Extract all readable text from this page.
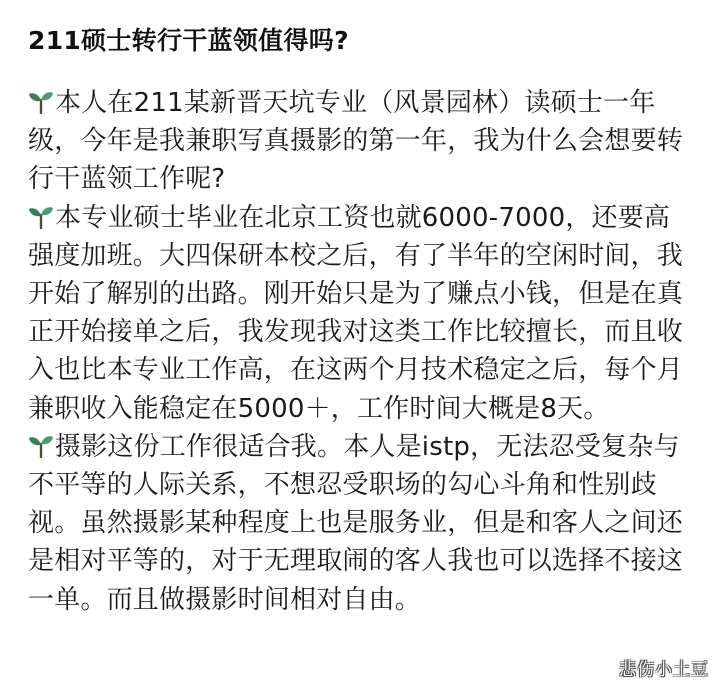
211硕士转行干蓝领值得吗?

本人在211某新晋天坑专业（风景园林）读硕士一年级，今年是我兼职写真摄影的第一年，我为什么会想要转行干蓝领工作呢?

本专业硕士毕业在北京工资也就6000-7000，还要高强度加班。大四保研本校之后，有了半年的空闲时间，我开始了解别的出路。刚开始只是为了赚点小钱，但是在真正开始接单之后，我发现我对这类工作比较擅长，而且收入也比本专业工作高，在这两个月技术稳定之后，每个月兼职收入能稳定在5000＋，工作时间大概是8天。

摄影这份工作很适合我。本人是istp，无法忍受复杂与不平等的人际关系，不想忍受职场的勾心斗角和性别歧视。虽然摄影某种程度上也是服务业，但是和客人之间还是相对平等的，对于无理取闹的客人我也可以选择不接这一单。而且做摄影时间相对自由。

悲伤小土豆
